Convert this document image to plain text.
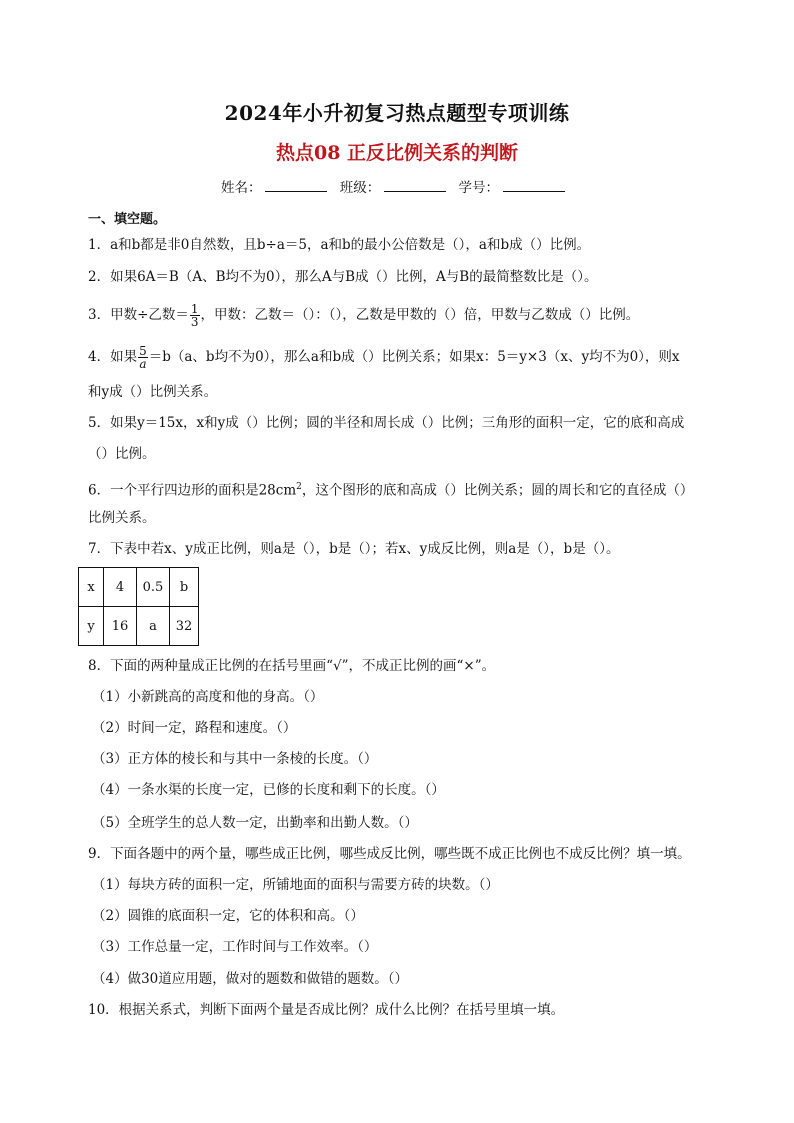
2024年小升初复习热点题型专项训练
热点08 正反比例关系的判断
姓名：	班级：	学号：
一、填空题。
1．a和b都是非0自然数，且b÷a＝5，a和b的最小公倍数是（），a和b成（）比例。
2．如果6A＝B（A、B均不为0），那么A与B成（）比例，A与B的最简整数比是（）。
3．甲数÷乙数＝ $\frac{1}{3}$ ，甲数：乙数＝（）：（），乙数是甲数的（）倍，甲数与乙数成（）比例。
4．如果 $\frac{5}{a} =b(a$、b均不为0），那么a和b成（）比例关系；如果x：5＝y×3（x、y均不为0），则x
和y成（）比例关系。
5．如果y＝15x，x和y成（）比例；圆的半径和周长成（）比例；三角形的面积一定，它的底和高成
（）比例。
6．一个平行四边形的面积是$28cm^2$，这个图形的底和高成（）比例关系；圆的周长和它的直径成（）
比例关系。
7．下表中若x、y成正比例，则a是（），b是（）；若x、y成反比例，则a是（），b是（）。
x	4	0.5	b
y	16	a	32
8．下面的两种量成正比例的在括号里画“√”，不成正比例的画“×”。
（1）小新跳高的高度和他的身高。（）
（2）时间一定，路程和速度。（）
（3）正方体的棱长和与其中一条棱的长度。（）
（4）一条水渠的长度一定，已修的长度和剩下的长度。（）
（5）全班学生的总人数一定，出勤率和出勤人数。（）
9．下面各题中的两个量，哪些成正比例，哪些成反比例，哪些既不成正比例也不成反比例？填一填。
（1）每块方砖的面积一定，所铺地面的面积与需要方砖的块数。（）
（2）圆锥的底面积一定，它的体积和高。（）
（3）工作总量一定，工作时间与工作效率。（）
（4）做30道应用题，做对的题数和做错的题数。（）
10．根据关系式，判断下面两个量是否成比例？成什么比例？在括号里填一填。
